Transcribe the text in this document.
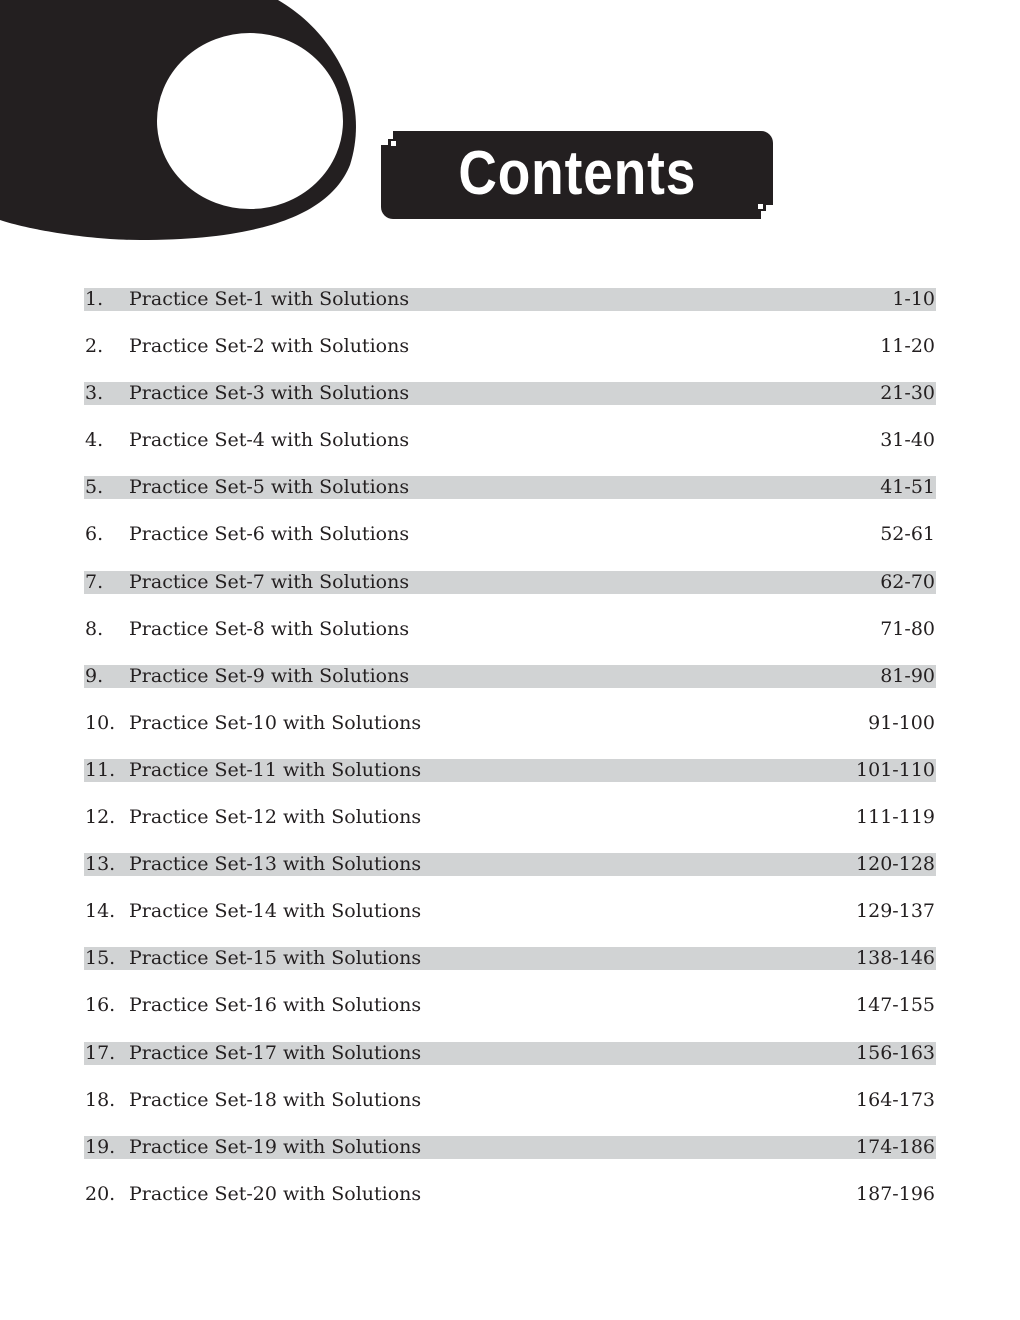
Contents
1. Practice Set-1 with Solutions	1-10
2. Practice Set-2 with Solutions	11-20
3. Practice Set-3 with Solutions	21-30
4. Practice Set-4 with Solutions	31-40
5. Practice Set-5 with Solutions	41-51
6. Practice Set-6 with Solutions	52-61
7. Practice Set-7 with Solutions	62-70
8. Practice Set-8 with Solutions	71-80
9. Practice Set-9 with Solutions	81-90
10. Practice Set-10 with Solutions	91-100
11. Practice Set-11 with Solutions	101-110
12. Practice Set-12 with Solutions	111-119
13. Practice Set-13 with Solutions	120-128
14. Practice Set-14 with Solutions	129-137
15. Practice Set-15 with Solutions	138-146
16. Practice Set-16 with Solutions	147-155
17. Practice Set-17 with Solutions	156-163
18. Practice Set-18 with Solutions	164-173
19. Practice Set-19 with Solutions	174-186
20. Practice Set-20 with Solutions	187-196
